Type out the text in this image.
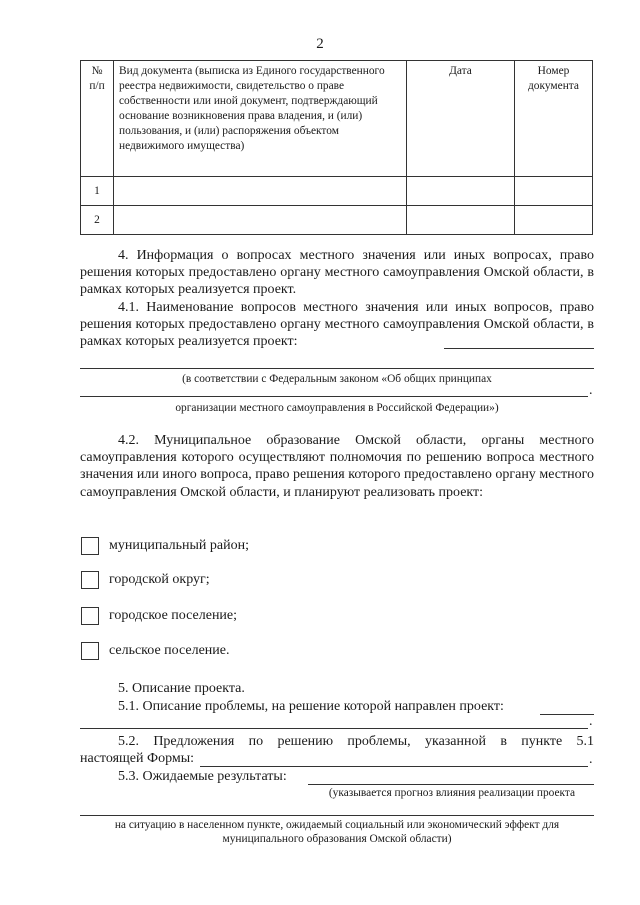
2
№ п/п	Вид документа (выписка из Единого государственного реестра недвижимости, свидетельство о праве собственности или иной документ, подтверждающий основание возникновения права владения, и (или) пользования, и (или) распоряжения объектом недвижимого имущества)	Дата	Номер документа

1			
2			
4. Информация о вопросах местного значения или иных вопросах, право решения которых предоставлено органу местного самоуправления Омской области, в рамках которых реализуется проект.
4.1. Наименование вопросов местного значения или иных вопросов, право решения которых предоставлено органу местного самоуправления Омской области, в рамках которых реализуется проект:
(в соответствии с Федеральным законом «Об общих принципах
.
организации местного самоуправления в Российской Федерации»)
4.2. Муниципальное образование Омской области, органы местного самоуправления которого осуществляют полномочия по решению вопроса местного значения или иного вопроса, право решения которого предоставлено органу местного самоуправления Омской области, и планируют реализовать проект:
муниципальный район;
городской округ;
городское поселение;
сельское поселение.
5. Описание проекта.
5.1. Описание проблемы, на решение которой направлен проект:
.
5.2. Предложения по решению проблемы, указанной в пункте 5.1
настоящей Формы:	.
5.3. Ожидаемые результаты:
(указывается прогноз влияния реализации проекта
на ситуацию в населенном пункте, ожидаемый социальный или экономический эффект для муниципального образования Омской области)
